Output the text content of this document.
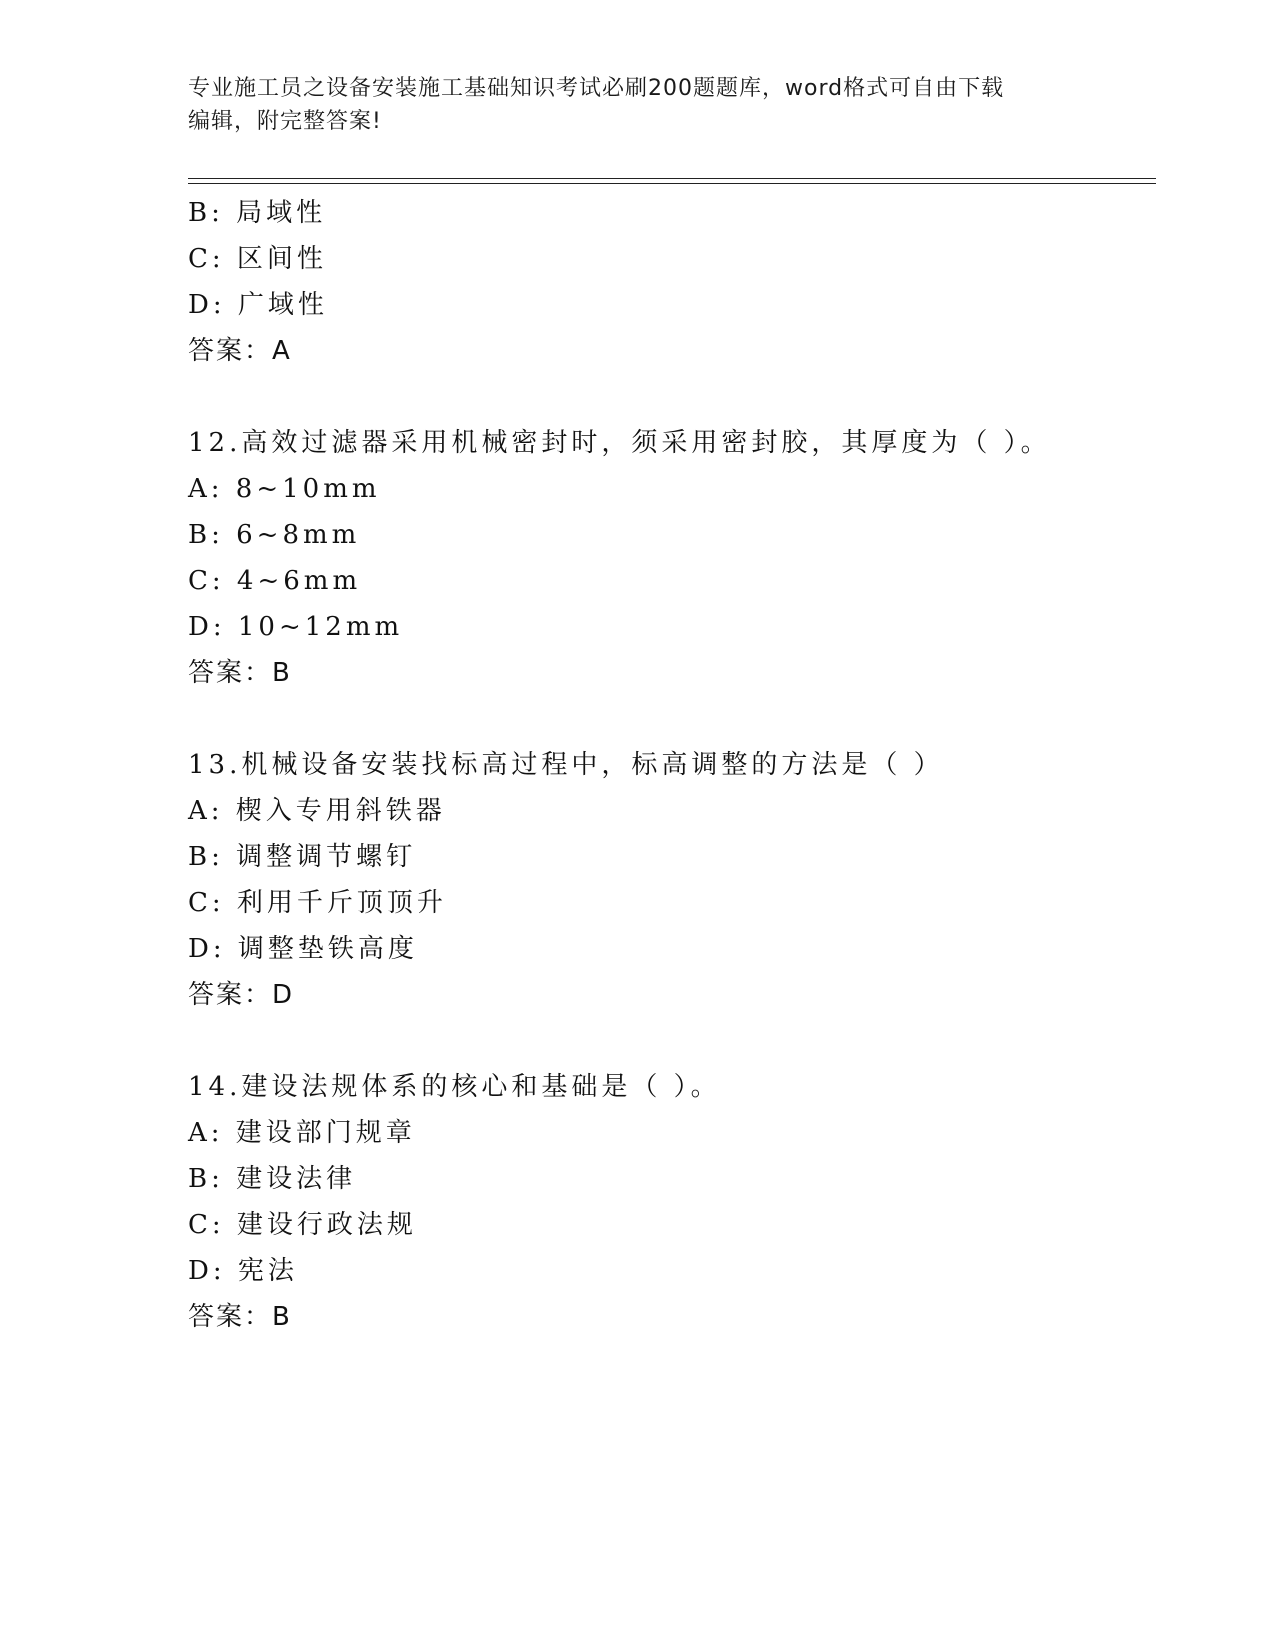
专业施工员之设备安装施工基础知识考试必刷200题题库，word格式可自由下载
编辑，附完整答案!
B: 局域性
C: 区间性
D: 广域性
答案：A
12.高效过滤器采用机械密封时，须采用密封胶，其厚度为（ ）。
A: 8~10mm
B: 6~8mm
C: 4~6mm
D: 10~12mm
答案：B
13.机械设备安装找标高过程中，标高调整的方法是（ ）
A: 楔入专用斜铁器
B: 调整调节螺钉
C: 利用千斤顶顶升
D: 调整垫铁高度
答案：D
14.建设法规体系的核心和基础是（ ）。
A: 建设部门规章
B: 建设法律
C: 建设行政法规
D: 宪法
答案：B
